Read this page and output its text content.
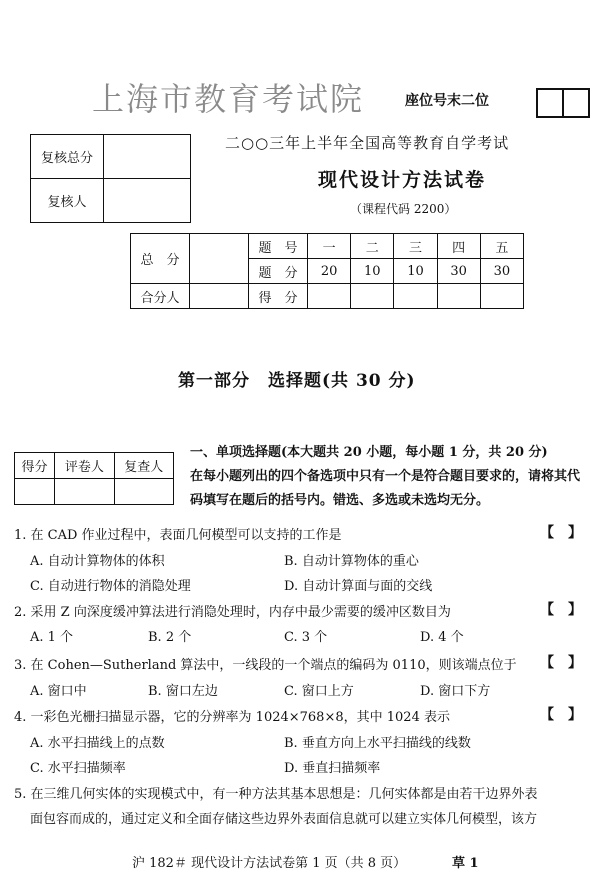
上海市教育考试院	座位号末二位
复核总分	
复核人	
二○○三年上半年全国高等教育自学考试
现代设计方法试卷
（课程代码 2200）
总　分		题　号	一	二	三	四	五
		题　分	20	10	10	30	30
合分人		得　分					
第一部分　选择题(共 30 分)
得分	评卷人	复查人

一、单项选择题(本大题共 20 小题，每小题 1 分，共 20 分)
在每小题列出的四个备选项中只有一个是符合题目要求的，请将其代码填写在题后的括号内。错选、多选或未选均无分。
1. 在 CAD 作业过程中，表面几何模型可以支持的工作是	【　】
A. 自动计算物体的体积	B. 自动计算物体的重心
C. 自动进行物体的消隐处理	D. 自动计算面与面的交线
2. 采用 Z 向深度缓冲算法进行消隐处理时，内存中最少需要的缓冲区数目为	【　】
A. 1 个	B. 2 个	C. 3 个	D. 4 个
3. 在 Cohen—Sutherland 算法中，一线段的一个端点的编码为 0110，则该端点位于 【　】
A. 窗口中	B. 窗口左边	C. 窗口上方	D. 窗口下方
4. 一彩色光栅扫描显示器，它的分辨率为 1024×768×8，其中 1024 表示	【　】
A. 水平扫描线上的点数	B. 垂直方向上水平扫描线的线数
C. 水平扫描频率	D. 垂直扫描频率
5. 在三维几何实体的实现模式中，有一种方法其基本思想是：几何实体都是由若干边界外表
面包容而成的，通过定义和全面存储这些边界外表面信息就可以建立实体几何模型，该方
沪 182＃ 现代设计方法试卷第 1 页（共 8 页）	草 1
